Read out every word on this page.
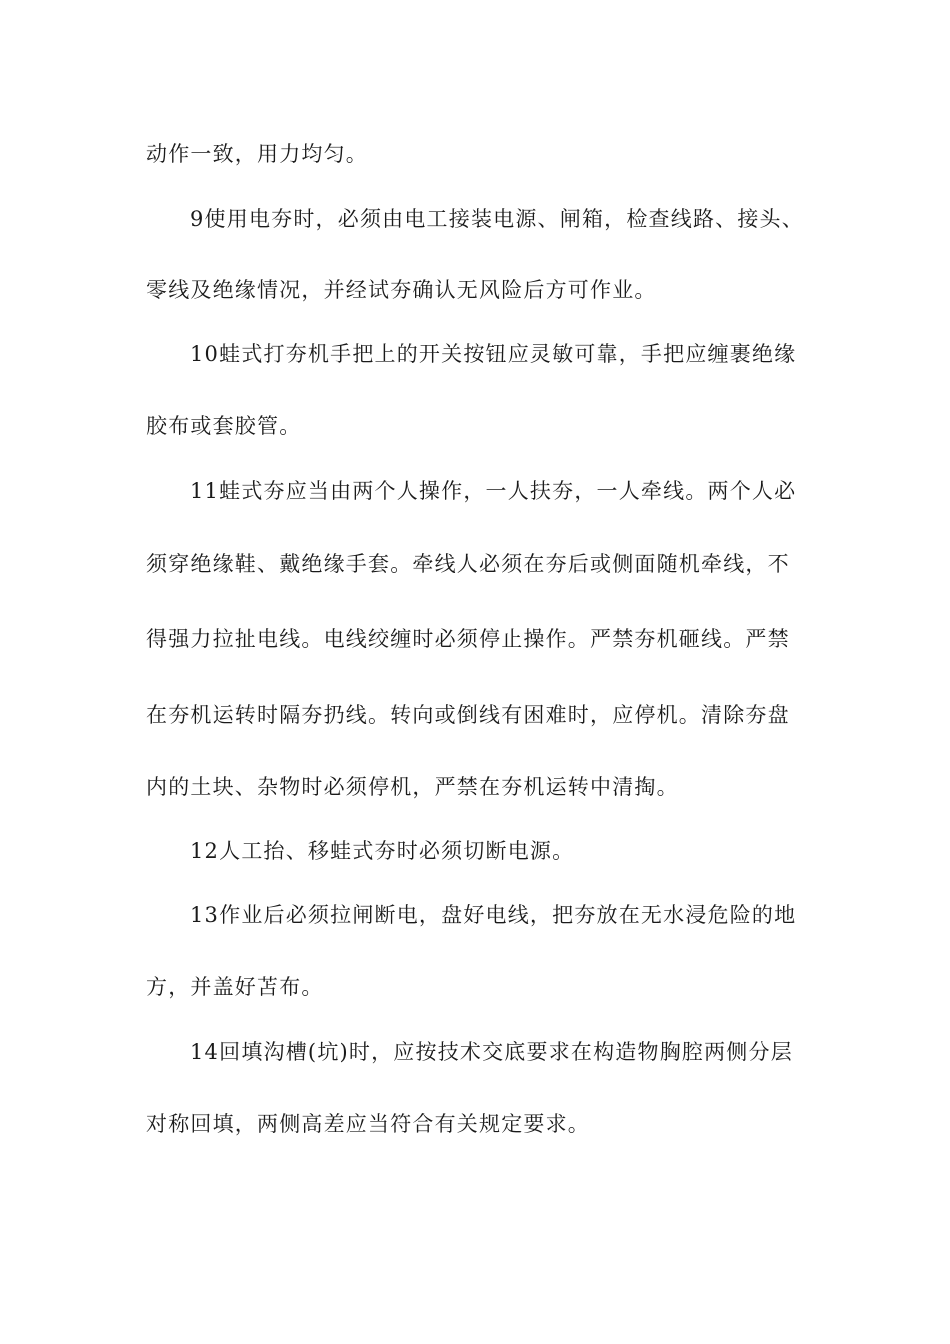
动作一致，用力均匀。
9使用电夯时，必须由电工接装电源、闸箱，检查线路、接头、
零线及绝缘情况，并经试夯确认无风险后方可作业。
10蛙式打夯机手把上的开关按钮应灵敏可靠，手把应缠裹绝缘
胶布或套胶管。
11蛙式夯应当由两个人操作，一人扶夯，一人牵线。两个人必
须穿绝缘鞋、戴绝缘手套。牵线人必须在夯后或侧面随机牵线，不
得强力拉扯电线。电线绞缠时必须停止操作。严禁夯机砸线。严禁
在夯机运转时隔夯扔线。转向或倒线有困难时，应停机。清除夯盘
内的土块、杂物时必须停机，严禁在夯机运转中清掏。
12人工抬、移蛙式夯时必须切断电源。
13作业后必须拉闸断电，盘好电线，把夯放在无水浸危险的地
方，并盖好苫布。
14回填沟槽(坑)时，应按技术交底要求在构造物胸腔两侧分层
对称回填，两侧高差应当符合有关规定要求。
